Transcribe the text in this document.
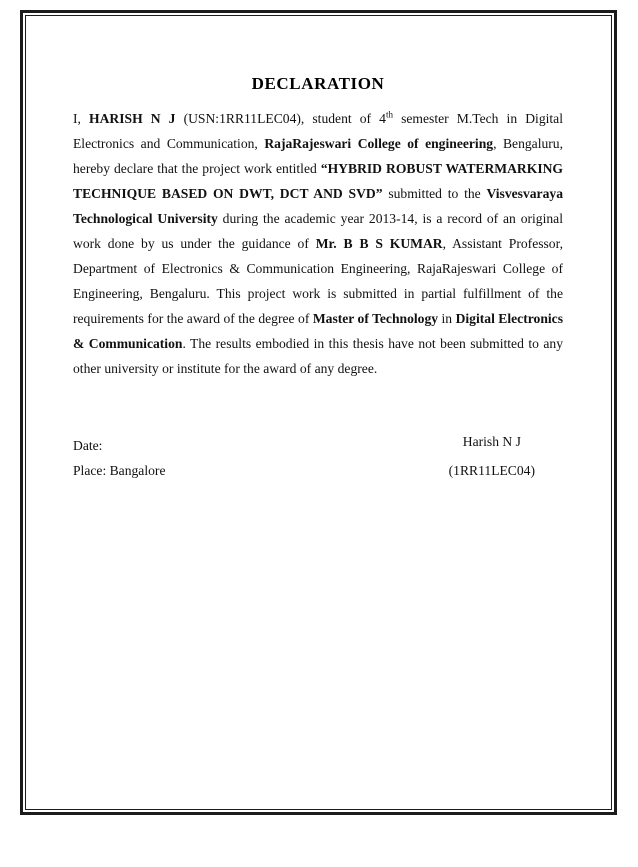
DECLARATION

I, HARISH N J (USN:1RR11LEC04), student of 4th semester M.Tech in Digital Electronics and Communication, RajaRajeswari College of engineering, Bengaluru, hereby declare that the project work entitled “HYBRID ROBUST WATERMARKING TECHNIQUE BASED ON DWT, DCT AND SVD” submitted to the Visvesvaraya Technological University during the academic year 2013-14, is a record of an original work done by us under the guidance of Mr. B B S KUMAR, Assistant Professor, Department of Electronics & Communication Engineering, RajaRajeswari College of Engineering, Bengaluru. This project work is submitted in partial fulfillment of the requirements for the award of the degree of Master of Technology in Digital Electronics & Communication. The results embodied in this thesis have not been submitted to any other university or institute for the award of any degree.

Date:
Place: Bangalore
Harish N J
(1RR11LEC04)
